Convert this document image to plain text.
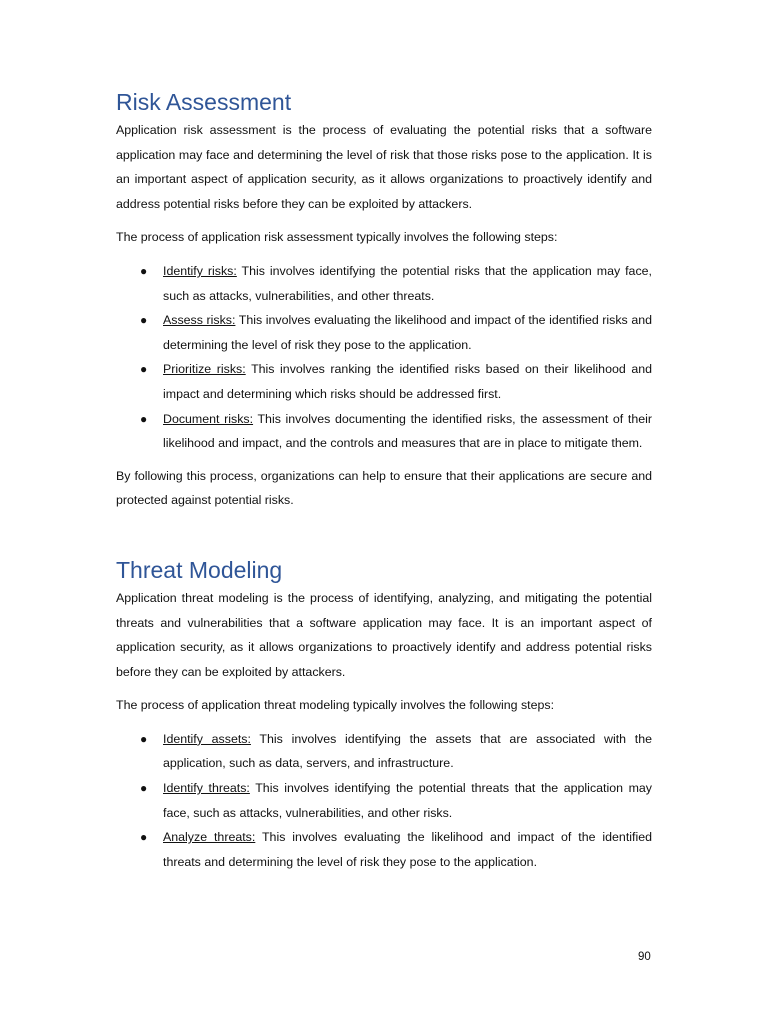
Risk Assessment

Application risk assessment is the process of evaluating the potential risks that a software application may face and determining the level of risk that those risks pose to the application. It is an important aspect of application security, as it allows organizations to proactively identify and address potential risks before they can be exploited by attackers.

The process of application risk assessment typically involves the following steps:

● Identify risks: This involves identifying the potential risks that the application may face, such as attacks, vulnerabilities, and other threats.
● Assess risks: This involves evaluating the likelihood and impact of the identified risks and determining the level of risk they pose to the application.
● Prioritize risks: This involves ranking the identified risks based on their likelihood and impact and determining which risks should be addressed first.
● Document risks: This involves documenting the identified risks, the assessment of their likelihood and impact, and the controls and measures that are in place to mitigate them.

By following this process, organizations can help to ensure that their applications are secure and protected against potential risks.

Threat Modeling

Application threat modeling is the process of identifying, analyzing, and mitigating the potential threats and vulnerabilities that a software application may face. It is an important aspect of application security, as it allows organizations to proactively identify and address potential risks before they can be exploited by attackers.

The process of application threat modeling typically involves the following steps:

● Identify assets: This involves identifying the assets that are associated with the application, such as data, servers, and infrastructure.
● Identify threats: This involves identifying the potential threats that the application may face, such as attacks, vulnerabilities, and other risks.
● Analyze threats: This involves evaluating the likelihood and impact of the identified threats and determining the level of risk they pose to the application.
90
